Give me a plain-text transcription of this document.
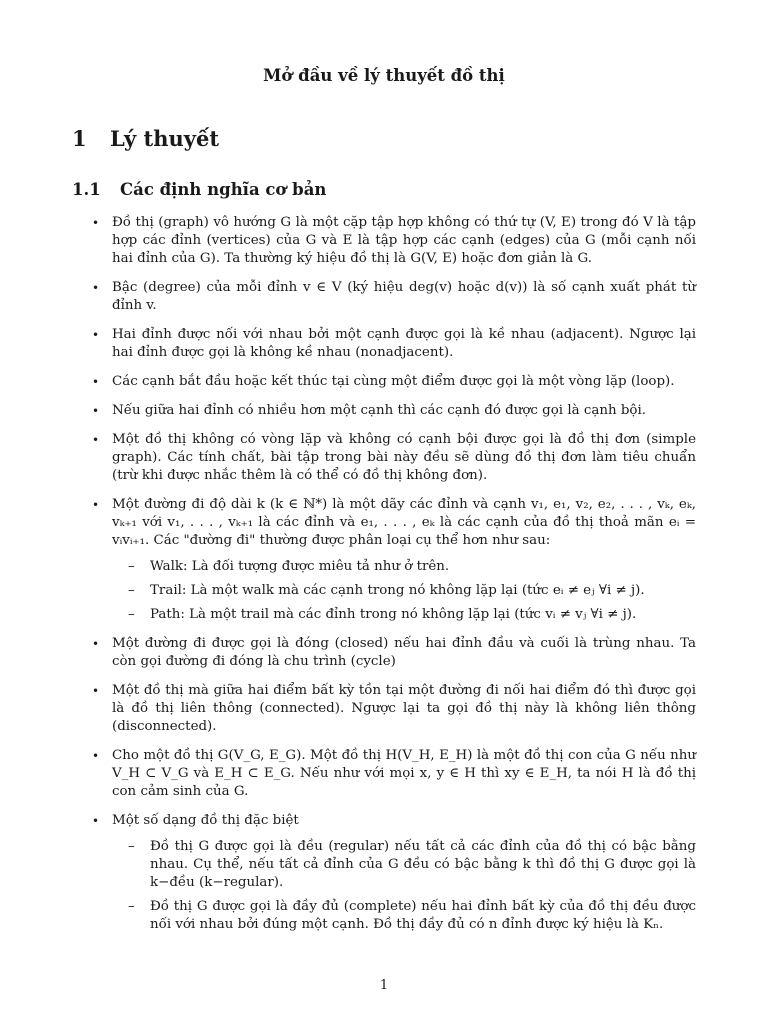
Mở đầu về lý thuyết đồ thị
1 Lý thuyết
1.1 Các định nghĩa cơ bản
• Đồ thị (graph) vô hướng G là một cặp tập hợp không có thứ tự (V, E) trong đó V là tập hợp các đỉnh (vertices) của G và E là tập hợp các cạnh (edges) của G (mỗi cạnh nối hai đỉnh của G). Ta thường ký hiệu đồ thị là G(V, E) hoặc đơn giản là G.
• Bậc (degree) của mỗi đỉnh v ∈ V (ký hiệu deg(v) hoặc d(v)) là số cạnh xuất phát từ đỉnh v.
• Hai đỉnh được nối với nhau bởi một cạnh được gọi là kề nhau (adjacent). Ngược lại hai đỉnh được gọi là không kề nhau (nonadjacent).
• Các cạnh bắt đầu hoặc kết thúc tại cùng một điểm được gọi là một vòng lặp (loop).
• Nếu giữa hai đỉnh có nhiều hơn một cạnh thì các cạnh đó được gọi là cạnh bội.
• Một đồ thị không có vòng lặp và không có cạnh bội được gọi là đồ thị đơn (simple graph). Các tính chất, bài tập trong bài này đều sẽ dùng đồ thị đơn làm tiêu chuẩn (trừ khi được nhắc thêm là có thể có đồ thị không đơn).
• Một đường đi độ dài k (k ∈ ℕ*) là một dãy các đỉnh và cạnh v₁, e₁, v₂, e₂, . . . , vₖ, eₖ, vₖ₊₁ với v₁, . . . , vₖ₊₁ là các đỉnh và e₁, . . . , eₖ là các cạnh của đồ thị thoả mãn eᵢ = vᵢvᵢ₊₁. Các "đường đi" thường được phân loại cụ thể hơn như sau:
– Walk: Là đối tượng được miêu tả như ở trên.
– Trail: Là một walk mà các cạnh trong nó không lặp lại (tức eᵢ ≠ eⱼ ∀i ≠ j).
– Path: Là một trail mà các đỉnh trong nó không lặp lại (tức vᵢ ≠ vⱼ ∀i ≠ j).
• Một đường đi được gọi là đóng (closed) nếu hai đỉnh đầu và cuối là trùng nhau. Ta còn gọi đường đi đóng là chu trình (cycle)
• Một đồ thị mà giữa hai điểm bất kỳ tồn tại một đường đi nối hai điểm đó thì được gọi là đồ thị liên thông (connected). Ngược lại ta gọi đồ thị này là không liên thông (disconnected).
• Cho một đồ thị G(V_G, E_G). Một đồ thị H(V_H, E_H) là một đồ thị con của G nếu như V_H ⊂ V_G và E_H ⊂ E_G. Nếu như với mọi x, y ∈ H thì xy ∈ E_H, ta nói H là đồ thị con cảm sinh của G.
• Một số dạng đồ thị đặc biệt
– Đồ thị G được gọi là đều (regular) nếu tất cả các đỉnh của đồ thị có bậc bằng nhau. Cụ thể, nếu tất cả đỉnh của G đều có bậc bằng k thì đồ thị G được gọi là k−đều (k−regular).
– Đồ thị G được gọi là đầy đủ (complete) nếu hai đỉnh bất kỳ của đồ thị đều được nối với nhau bởi đúng một cạnh. Đồ thị đầy đủ có n đỉnh được ký hiệu là Kₙ.
1
